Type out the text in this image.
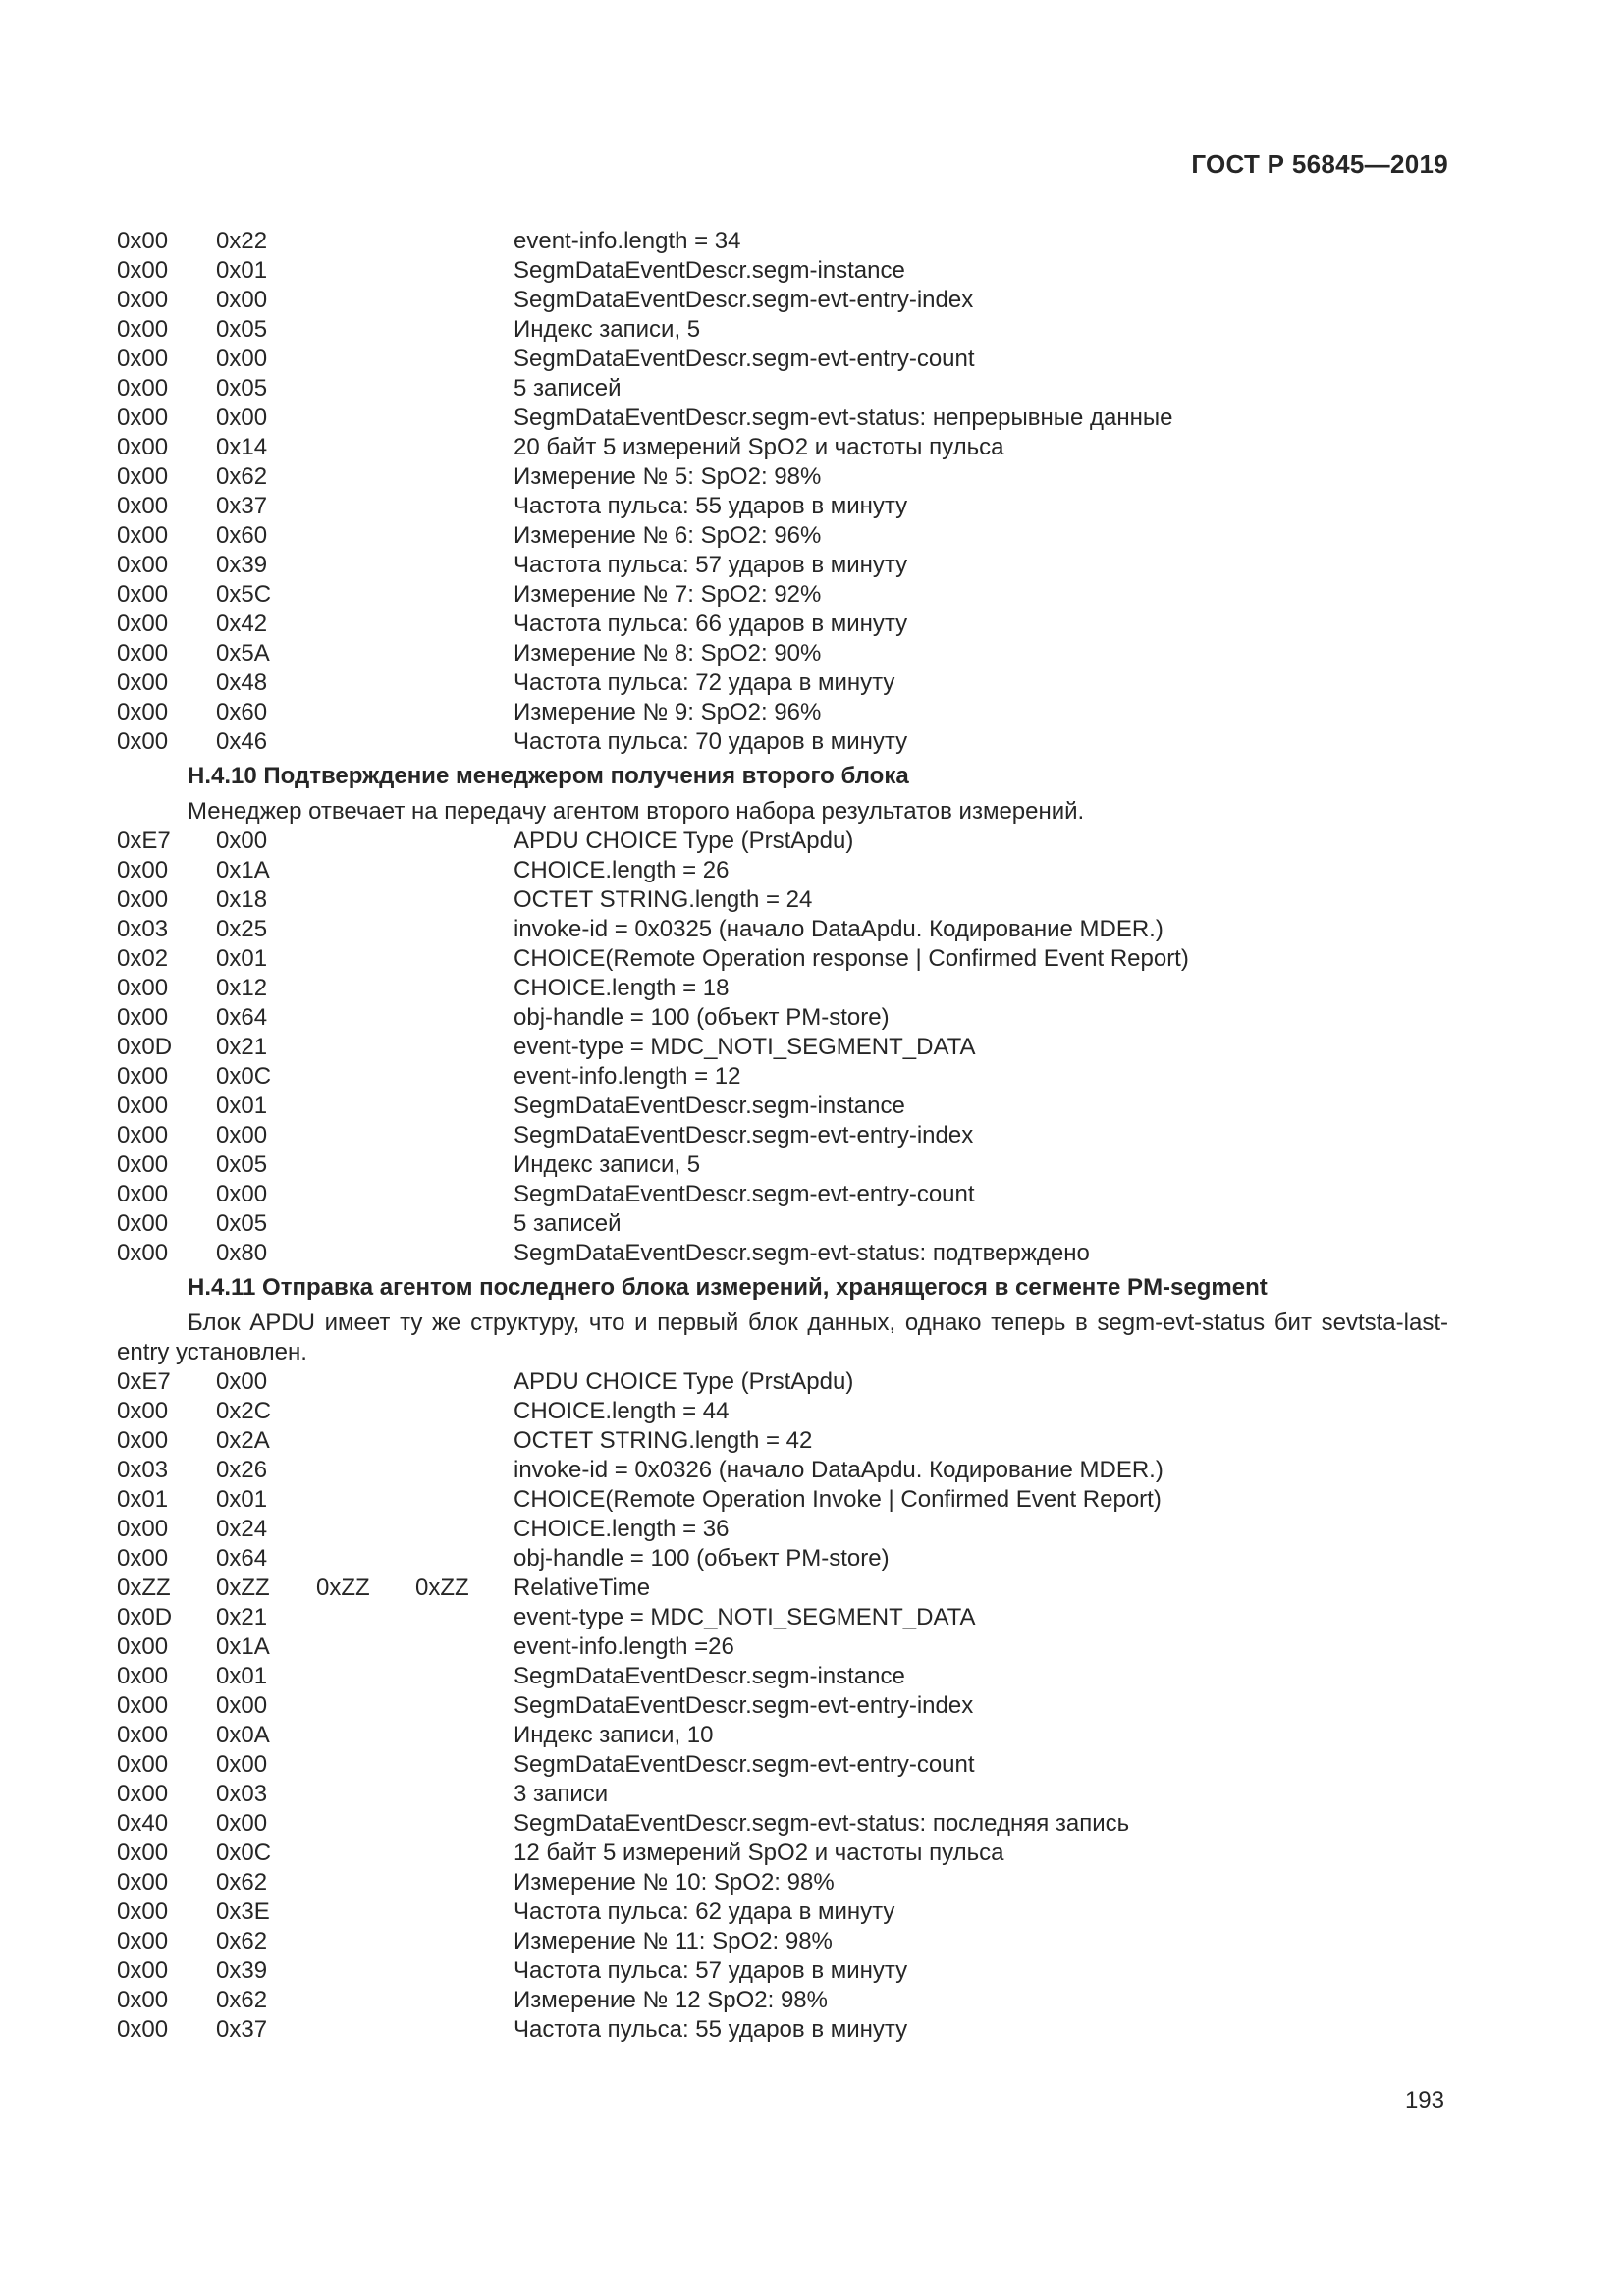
ГОСТ Р 56845—2019
0x00 0x22	event-info.length = 34
0x00 0x01	SegmDataEventDescr.segm-instance
0x00 0x00	SegmDataEventDescr.segm-evt-entry-index
0x00 0x05	Индекс записи, 5
0x00 0x00	SegmDataEventDescr.segm-evt-entry-count
0x00 0x05	5 записей
0x00 0x00	SegmDataEventDescr.segm-evt-status: непрерывные данные
0x00 0x14	20 байт 5 измерений SpO2 и частоты пульса
0x00 0x62	Измерение № 5: SpO2: 98%
0x00 0x37	Частота пульса: 55 ударов в минуту
0x00 0x60	Измерение № 6: SpO2: 96%
0x00 0x39	Частота пульса: 57 ударов в минуту
0x00 0x5C	Измерение № 7: SpO2: 92%
0x00 0x42	Частота пульса: 66 ударов в минуту
0x00 0x5A	Измерение № 8: SpO2: 90%
0x00 0x48	Частота пульса: 72 удара в минуту
0x00 0x60	Измерение № 9: SpO2: 96%
0x00 0x46	Частота пульса: 70 ударов в минуту
H.4.10 Подтверждение менеджером получения второго блока
Менеджер отвечает на передачу агентом второго набора результатов измерений.
0xE7 0x00	APDU CHOICE Type (PrstApdu)
0x00 0x1A	CHOICE.length = 26
0x00 0x18	OCTET STRING.length = 24
0x03 0x25	invoke-id = 0x0325 (начало DataApdu. Кодирование MDER.)
0x02 0x01	CHOICE(Remote Operation response | Confirmed Event Report)
0x00 0x12	CHOICE.length = 18
0x00 0x64	obj-handle = 100 (объект PM-store)
0x0D 0x21	event-type = MDC_NOTI_SEGMENT_DATA
0x00 0x0C	event-info.length = 12
0x00 0x01	SegmDataEventDescr.segm-instance
0x00 0x00	SegmDataEventDescr.segm-evt-entry-index
0x00 0x05	Индекс записи, 5
0x00 0x00	SegmDataEventDescr.segm-evt-entry-count
0x00 0x05	5 записей
0x00 0x80	SegmDataEventDescr.segm-evt-status: подтверждено
H.4.11 Отправка агентом последнего блока измерений, хранящегося в сегменте PM-segment
Блок APDU имеет ту же структуру, что и первый блок данных, однако теперь в segm-evt-status бит sevtsta-last-entry установлен.
0xE7 0x00	APDU CHOICE Type (PrstApdu)
0x00 0x2C	CHOICE.length = 44
0x00 0x2A	OCTET STRING.length = 42
0x03 0x26	invoke-id = 0x0326 (начало DataApdu. Кодирование MDER.)
0x01 0x01	CHOICE(Remote Operation Invoke | Confirmed Event Report)
0x00 0x24	CHOICE.length = 36
0x00 0x64	obj-handle = 100 (объект PM-store)
0xZZ 0xZZ 0xZZ 0xZZ RelativeTime
0x0D 0x21	event-type = MDC_NOTI_SEGMENT_DATA
0x00 0x1A	event-info.length =26
0x00 0x01	SegmDataEventDescr.segm-instance
0x00 0x00	SegmDataEventDescr.segm-evt-entry-index
0x00 0x0A	Индекс записи, 10
0x00 0x00	SegmDataEventDescr.segm-evt-entry-count
0x00 0x03	3 записи
0x40 0x00	SegmDataEventDescr.segm-evt-status: последняя запись
0x00 0x0C	12 байт 5 измерений SpO2 и частоты пульса
0x00 0x62	Измерение № 10: SpO2: 98%
0x00 0x3E	Частота пульса: 62 удара в минуту
0x00 0x62	Измерение № 11: SpO2: 98%
0x00 0x39	Частота пульса: 57 ударов в минуту
0x00 0x62	Измерение № 12 SpO2: 98%
0x00 0x37	Частота пульса: 55 ударов в минуту
193
